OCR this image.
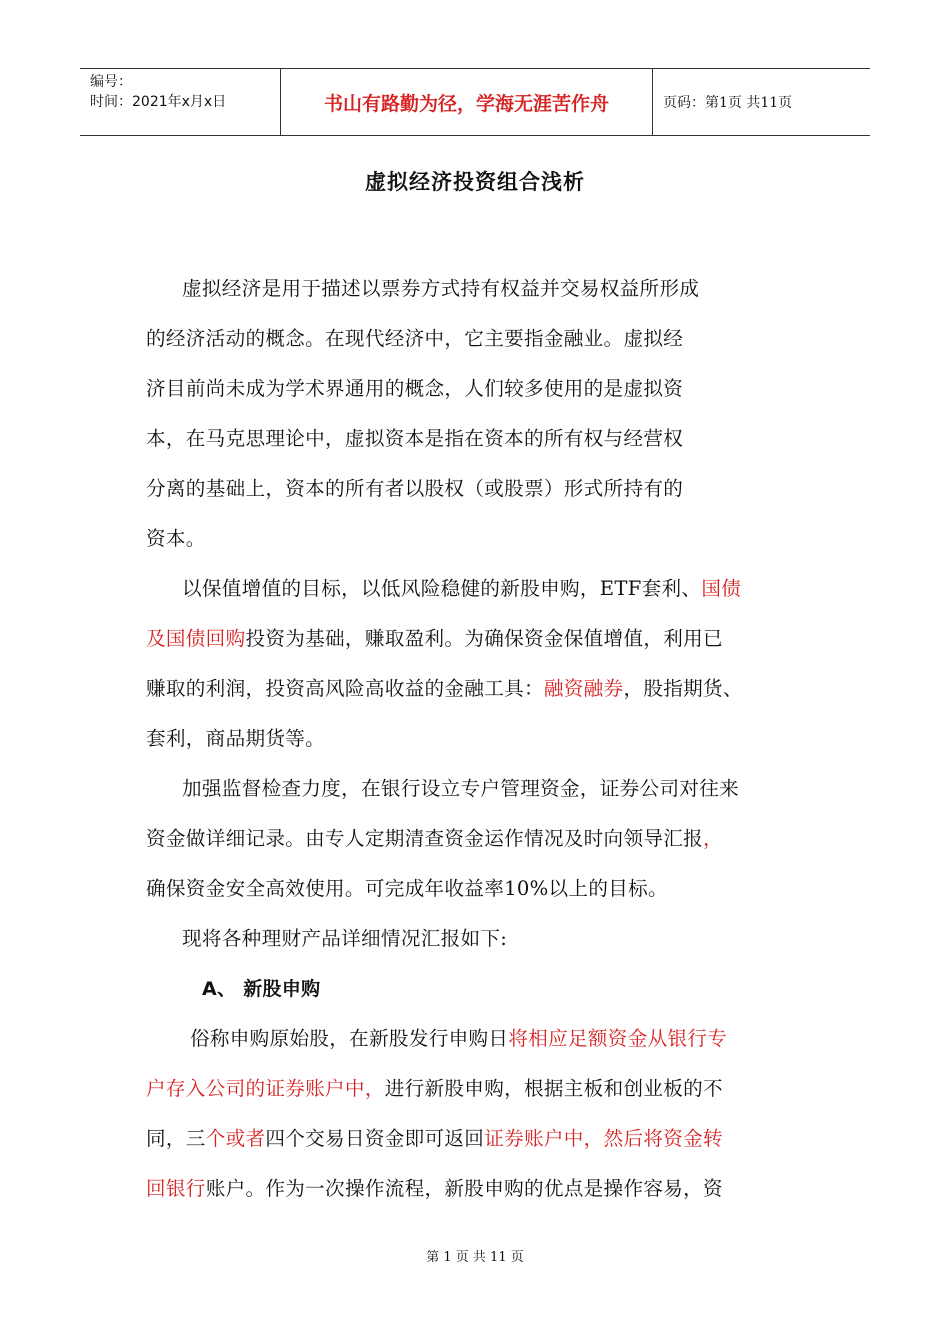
编号：
时间：2021年x月x日	书山有路勤为径，学海无涯苦作舟	页码：第1页 共11页
虚拟经济投资组合浅析
虚拟经济是用于描述以票券方式持有权益并交易权益所形成
的经济活动的概念。在现代经济中，它主要指金融业。虚拟经
济目前尚未成为学术界通用的概念，人们较多使用的是虚拟资
本，在马克思理论中，虚拟资本是指在资本的所有权与经营权
分离的基础上，资本的所有者以股权（或股票）形式所持有的
资本。
以保值增值的目标，以低风险稳健的新股申购，ETF套利、国债
及国债回购投资为基础，赚取盈利。为确保资金保值增值，利用已
赚取的利润，投资高风险高收益的金融工具：融资融券，股指期货、
套利，商品期货等。
加强监督检查力度，在银行设立专户管理资金，证券公司对往来
资金做详细记录。由专人定期清查资金运作情况及时向领导汇报，
确保资金安全高效使用。可完成年收益率10%以上的目标。
现将各种理财产品详细情况汇报如下:
A、 新股申购
俗称申购原始股，在新股发行申购日将相应足额资金从银行专
户存入公司的证券账户中，进行新股申购，根据主板和创业板的不
同，三个或者四个交易日资金即可返回证券账户中，然后将资金转
回银行账户。作为一次操作流程，新股申购的优点是操作容易，资
第 1 页 共 11 页
